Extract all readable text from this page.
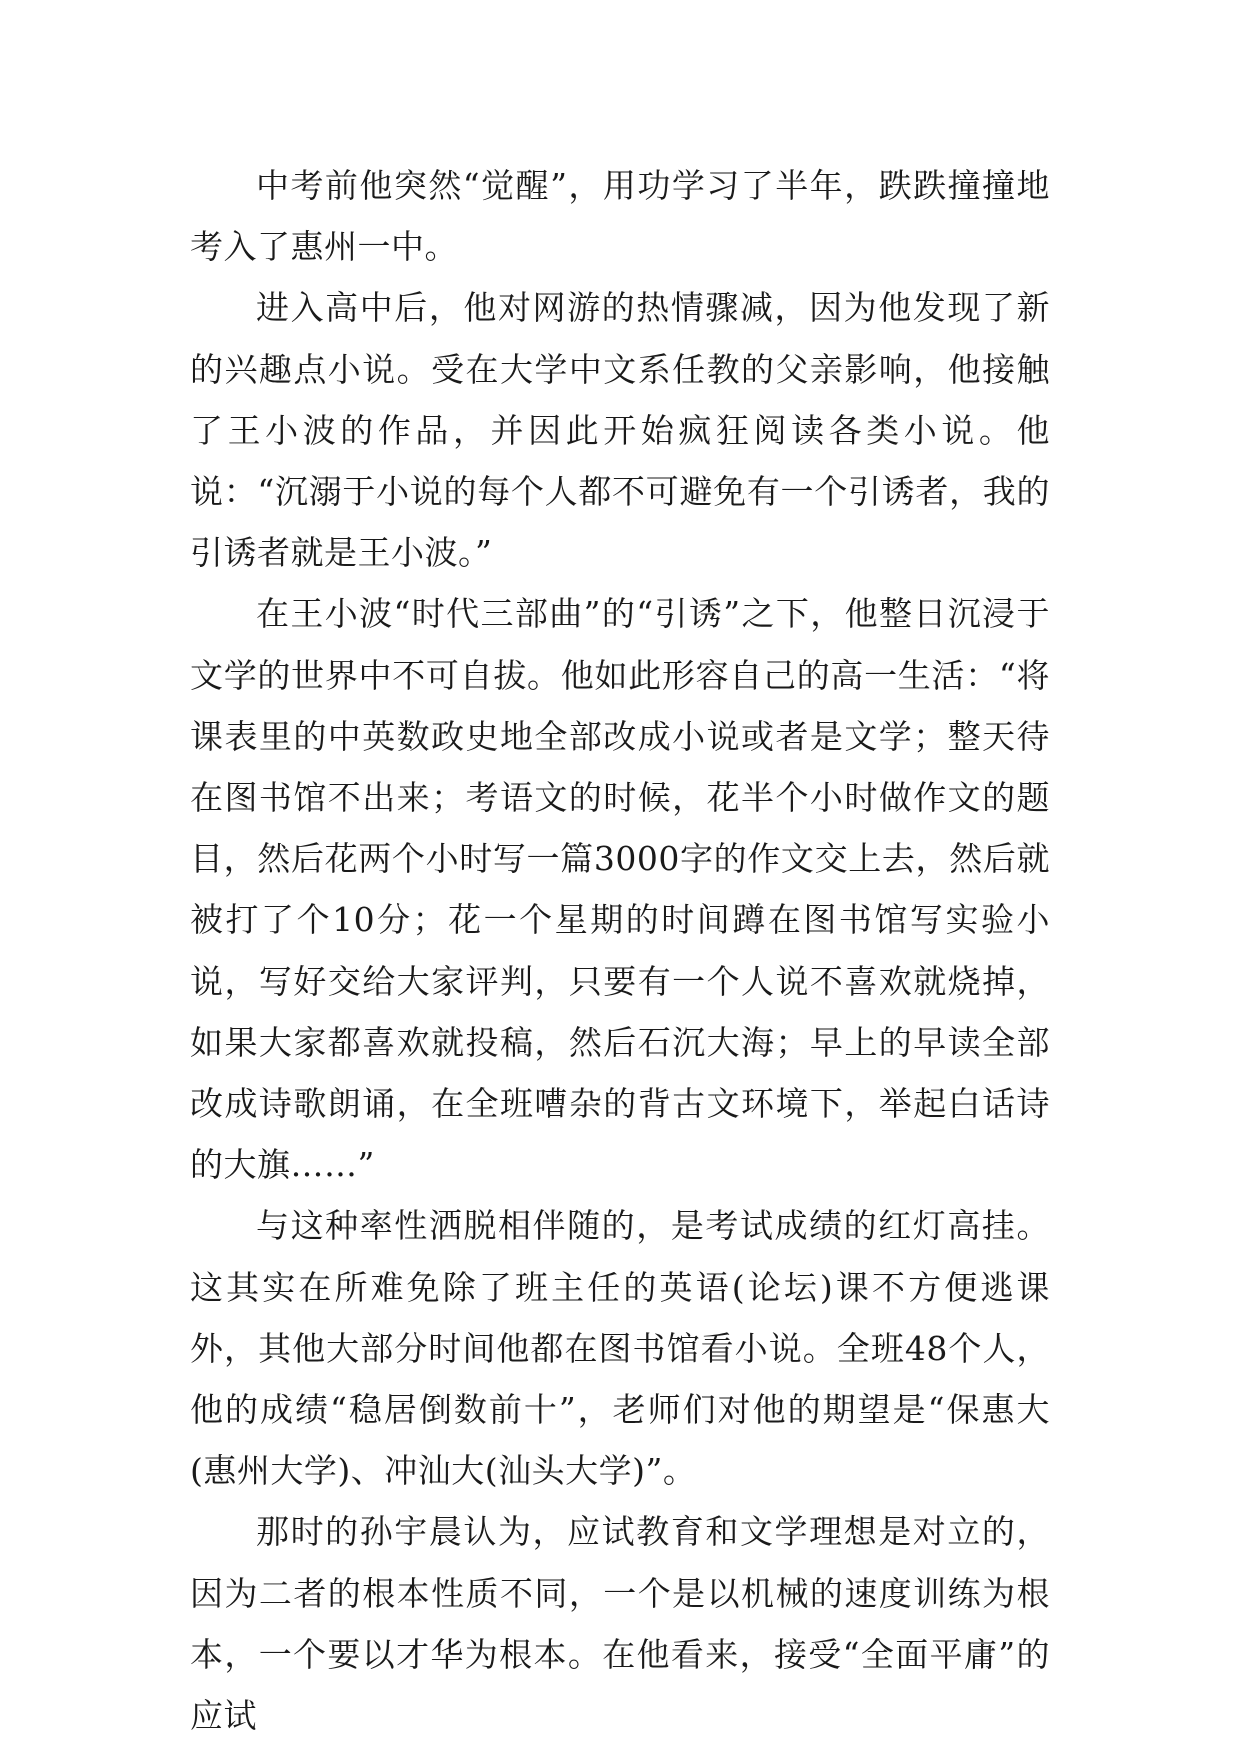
中考前他突然“觉醒”，用功学习了半年，跌跌撞撞地考入了惠州一中。

进入高中后，他对网游的热情骤减，因为他发现了新的兴趣点小说。受在大学中文系任教的父亲影响，他接触了王小波的作品，并因此开始疯狂阅读各类小说。他说：“沉溺于小说的每个人都不可避免有一个引诱者，我的引诱者就是王小波。”

在王小波“时代三部曲”的“引诱”之下，他整日沉浸于文学的世界中不可自拔。他如此形容自己的高一生活：“将课表里的中英数政史地全部改成小说或者是文学；整天待在图书馆不出来；考语文的时候，花半个小时做作文的题目，然后花两个小时写一篇3000字的作文交上去，然后就被打了个10分；花一个星期的时间蹲在图书馆写实验小说，写好交给大家评判，只要有一个人说不喜欢就烧掉，如果大家都喜欢就投稿，然后石沉大海；早上的早读全部改成诗歌朗诵，在全班嘈杂的背古文环境下，举起白话诗的大旗……”

与这种率性洒脱相伴随的，是考试成绩的红灯高挂。这其实在所难免除了班主任的英语(论坛)课不方便逃课外，其他大部分时间他都在图书馆看小说。全班48个人，他的成绩“稳居倒数前十”，老师们对他的期望是“保惠大(惠州大学)、冲汕大(汕头大学)”。

那时的孙宇晨认为，应试教育和文学理想是对立的，因为二者的根本性质不同，一个是以机械的速度训练为根本，一个要以才华为根本。在他看来，接受“全面平庸”的应试
